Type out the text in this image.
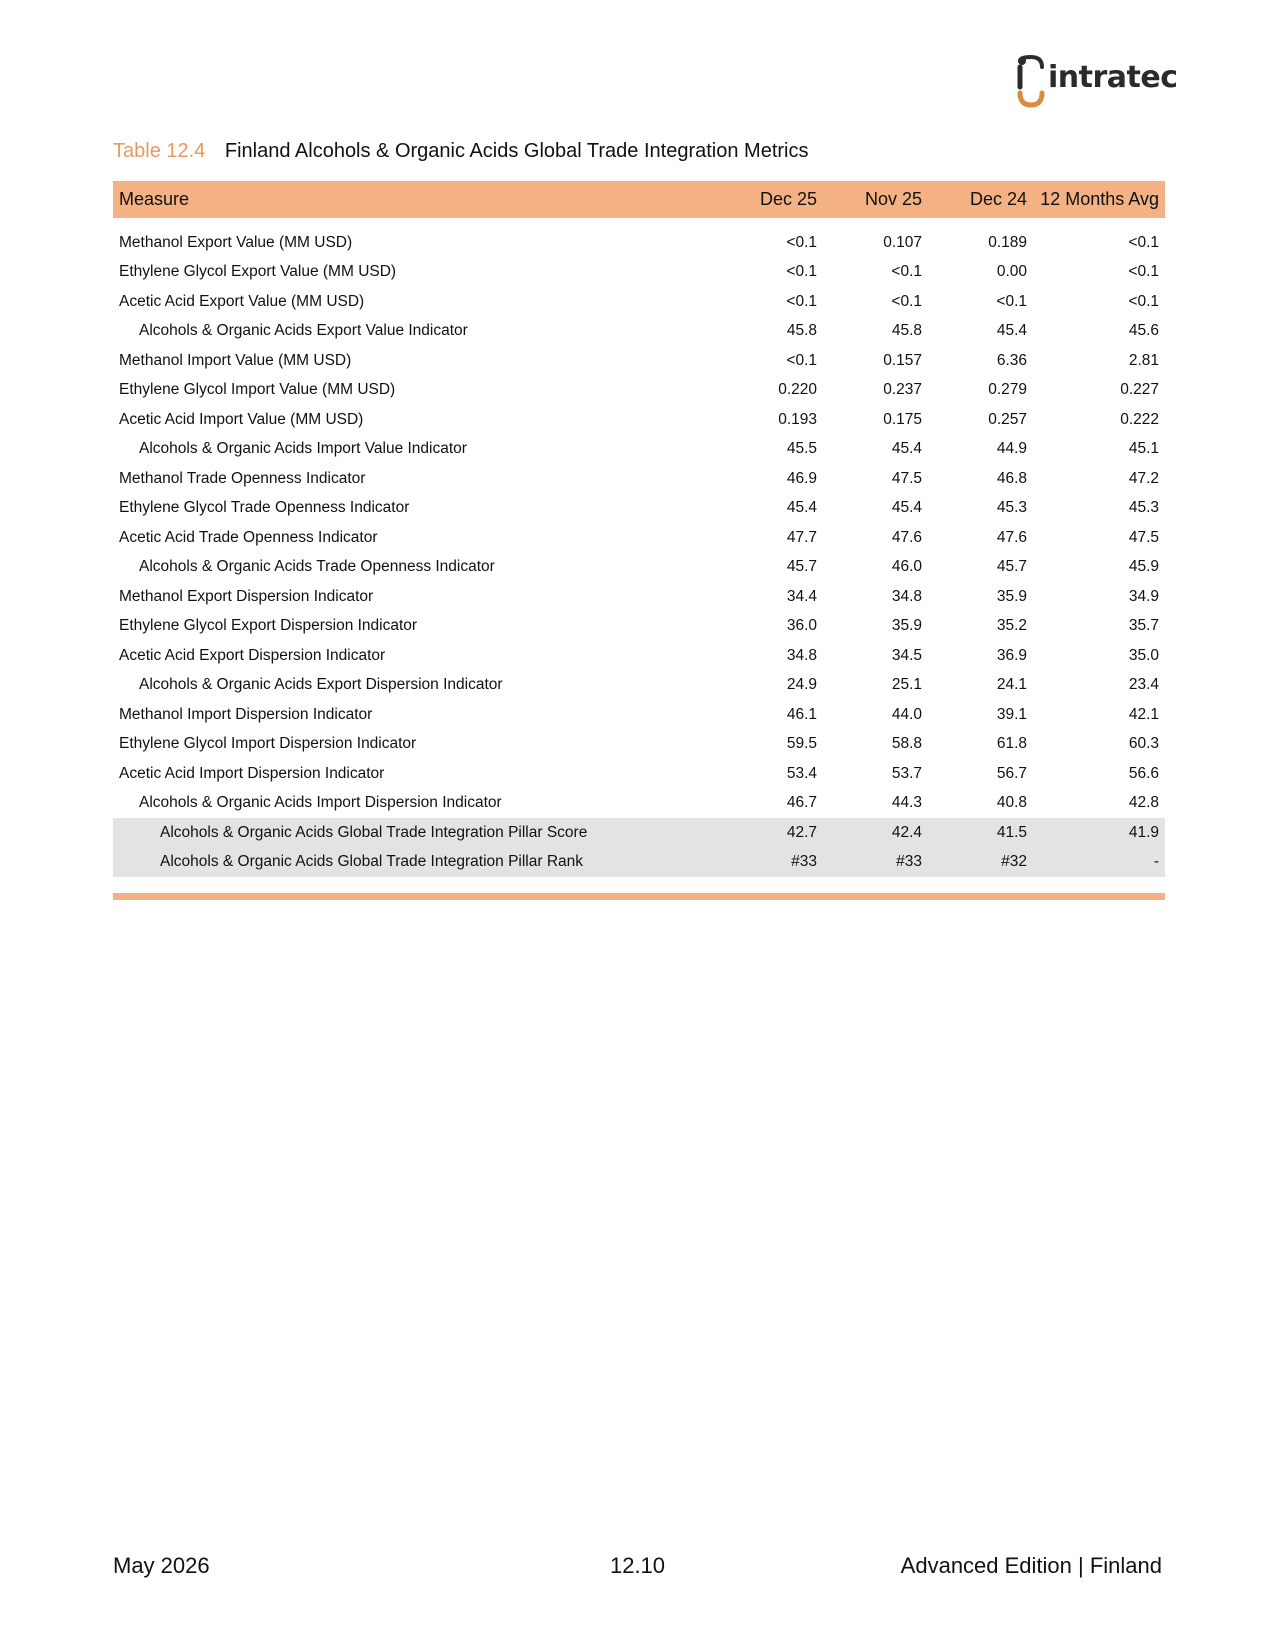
intratec
Table 12.4 Finland Alcohols & Organic Acids Global Trade Integration Metrics
Measure	Dec 25	Nov 25	Dec 24	12 Months Avg

Methanol Export Value (MM USD)	<0.1	0.107	0.189	<0.1
Ethylene Glycol Export Value (MM USD)	<0.1	<0.1	0.00	<0.1
Acetic Acid Export Value (MM USD)	<0.1	<0.1	<0.1	<0.1
Alcohols & Organic Acids Export Value Indicator	45.8	45.8	45.4	45.6
Methanol Import Value (MM USD)	<0.1	0.157	6.36	2.81
Ethylene Glycol Import Value (MM USD)	0.220	0.237	0.279	0.227
Acetic Acid Import Value (MM USD)	0.193	0.175	0.257	0.222
Alcohols & Organic Acids Import Value Indicator	45.5	45.4	44.9	45.1
Methanol Trade Openness Indicator	46.9	47.5	46.8	47.2
Ethylene Glycol Trade Openness Indicator	45.4	45.4	45.3	45.3
Acetic Acid Trade Openness Indicator	47.7	47.6	47.6	47.5
Alcohols & Organic Acids Trade Openness Indicator	45.7	46.0	45.7	45.9
Methanol Export Dispersion Indicator	34.4	34.8	35.9	34.9
Ethylene Glycol Export Dispersion Indicator	36.0	35.9	35.2	35.7
Acetic Acid Export Dispersion Indicator	34.8	34.5	36.9	35.0
Alcohols & Organic Acids Export Dispersion Indicator	24.9	25.1	24.1	23.4
Methanol Import Dispersion Indicator	46.1	44.0	39.1	42.1
Ethylene Glycol Import Dispersion Indicator	59.5	58.8	61.8	60.3
Acetic Acid Import Dispersion Indicator	53.4	53.7	56.7	56.6
Alcohols & Organic Acids Import Dispersion Indicator	46.7	44.3	40.8	42.8
Alcohols & Organic Acids Global Trade Integration Pillar Score	42.7	42.4	41.5	41.9
Alcohols & Organic Acids Global Trade Integration Pillar Rank	#33	#33	#32	-
May 2026	12.10	Advanced Edition | Finland
